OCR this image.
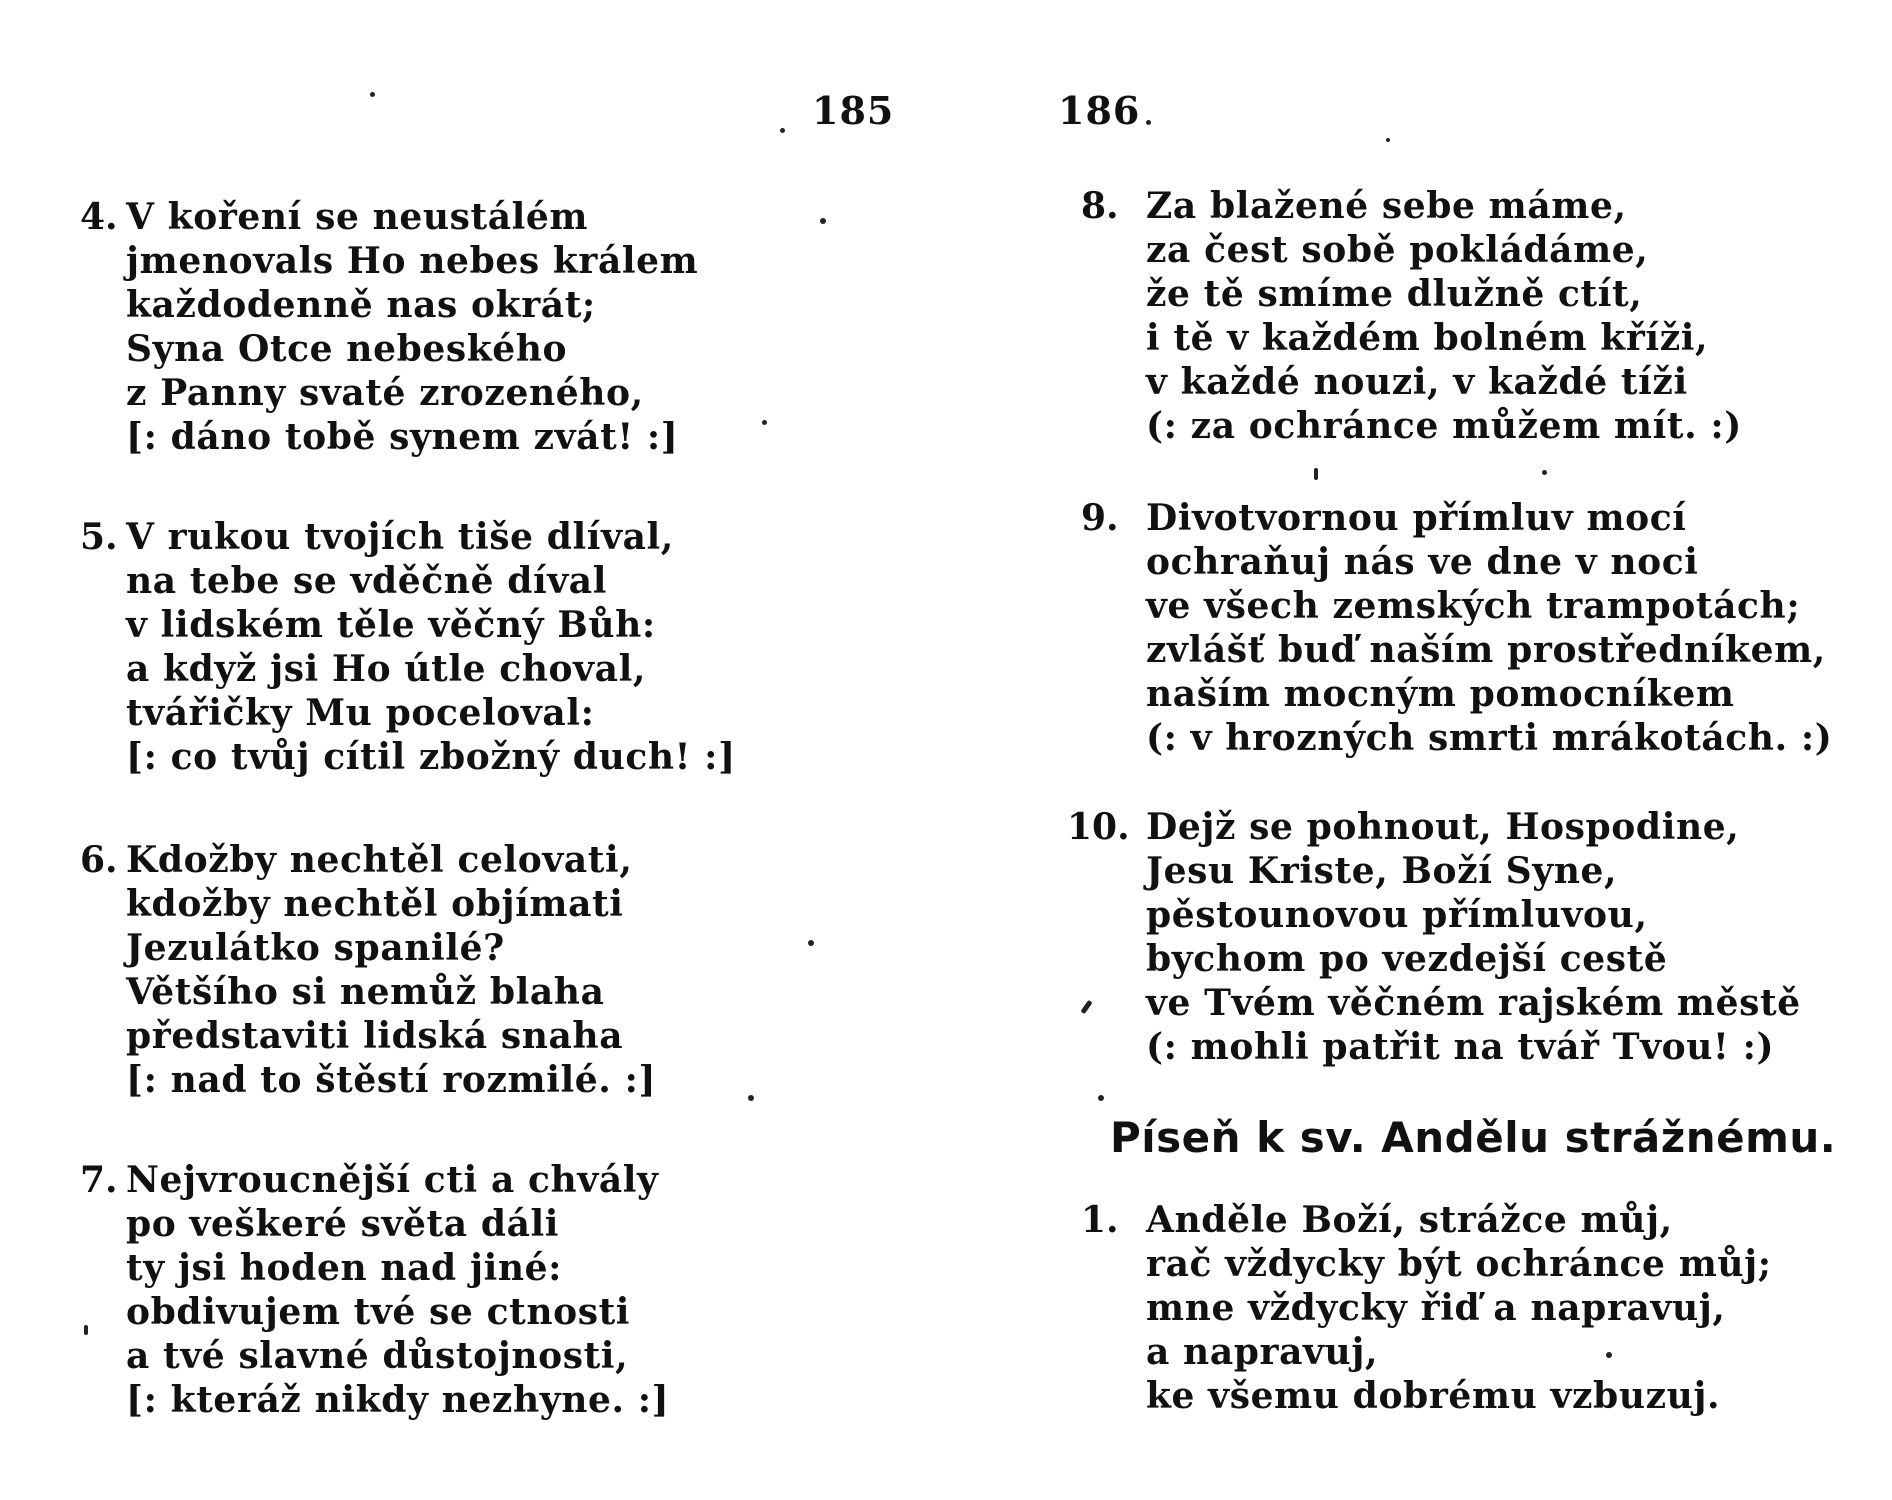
185
4. V koření se neustálém
jmenovals Ho nebes králem
každodenně nas okrát;
Syna Otce nebeského
z Panny svaté zrozeného,
[: dáno tobě synem zvát! :]
5. V rukou tvojích tiše dlíval,
na tebe se vděčně díval
v lidském těle věčný Bůh:
a když jsi Ho útle choval,
tvářičky Mu poceloval:
[: co tvůj cítil zbožný duch! :]
6. Kdožby nechtěl celovati,
kdožby nechtěl objímati
Jezulátko spanilé?
Většího si nemůž blaha
představiti lidská snaha
[: nad to štěstí rozmilé. :]
7. Nejvroucnější cti a chvály
po veškeré světa dáli
ty jsi hoden nad jiné:
obdivujem tvé se ctnosti
a tvé slavné důstojnosti,
[: kteráž nikdy nezhyne. :]
186
8. Za blažené sebe máme,
za čest sobě pokládáme,
že tě smíme dlužně ctít,
i tě v každém bolném kříži,
v každé nouzi, v každé tíži
(: za ochránce můžem mít. :)
9. Divotvornou přímluv mocí
ochraňuj nás ve dne v noci
ve všech zemských trampotách;
zvlášť buď naším prostředníkem,
naším mocným pomocníkem
(: v hrozných smrti mrákotách. :)
10. Dejž se pohnout, Hospodine,
Jesu Kriste, Boží Syne,
pěstounovou přímluvou,
bychom po vezdejší cestě
ve Tvém věčném rajském městě
(: mohli patřit na tvář Tvou! :)
Píseň k sv. Andělu strážnému.
1. Anděle Boží, strážce můj,
rač vždycky být ochránce můj;
mne vždycky řiď a napravuj,
a napravuj,
ke všemu dobrému vzbuzuj.
